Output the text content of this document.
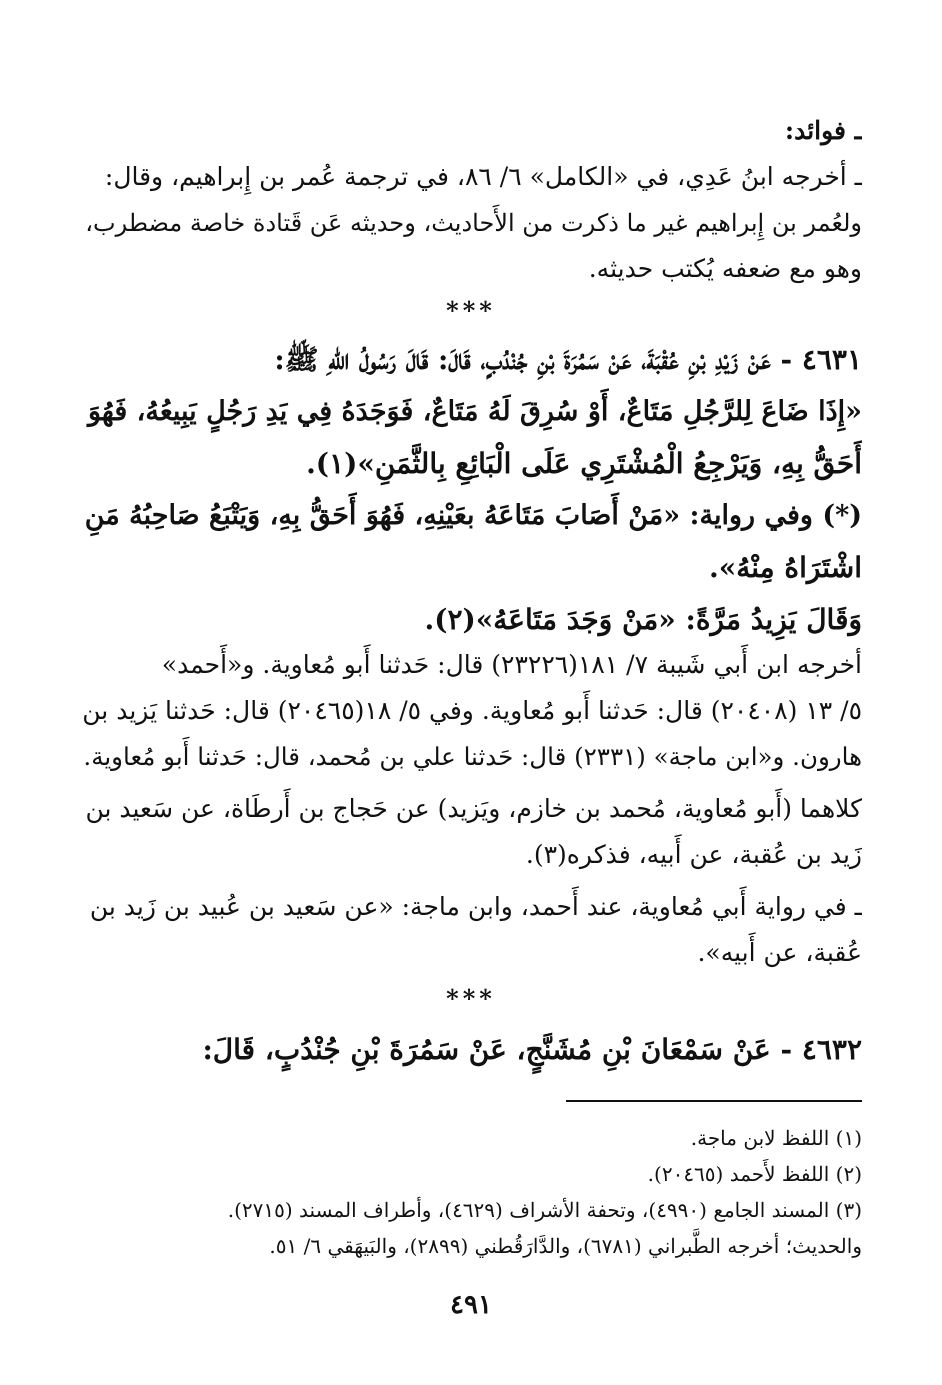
ـ فوائد:
ـ أخرجه ابنُ عَدِي، في «الكامل» ٦/ ٨٦، في ترجمة عُمر بن إِبراهيم، وقال:
ولعُمر بن إِبراهيم غير ما ذكرت من الأَحاديث، وحديثه عَن قَتادة خاصة مضطرب،
وهو مع ضعفه يُكتب حديثه.
***
٤٦٣١ - عَنْ زَيْدِ بْنِ عُقْبَةَ، عَنْ سَمُرَةَ بْنِ جُنْدُبٍ، قَالَ: قَالَ رَسُولُ اللهِ ﷺ:
«إِذَا ضَاعَ لِلرَّجُلِ مَتَاعٌ، أَوْ سُرِقَ لَهُ مَتَاعٌ، فَوَجَدَهُ فِي يَدِ رَجُلٍ يَبِيعُهُ، فَهُوَ
أَحَقُّ بِهِ، وَيَرْجِعُ الْمُشْتَرِي عَلَى الْبَائِعِ بِالثَّمَنِ»(١).
(*) وفي رواية: «مَنْ أَصَابَ مَتَاعَهُ بعَيْنِهِ، فَهُوَ أَحَقُّ بِهِ، وَيَتْبَعُ صَاحِبُهُ مَنِ
اشْتَرَاهُ مِنْهُ».
وَقَالَ يَزِيدُ مَرَّةً: «مَنْ وَجَدَ مَتَاعَهُ»(٢).
أخرجه ابن أَبي شَيبة ٧/ ١٨١(٢٣٢٢٦) قال: حَدثنا أَبو مُعاوية. و«أَحمد»
٥/ ١٣ (٢٠٤٠٨) قال: حَدثنا أَبو مُعاوية. وفي ٥/ ١٨(٢٠٤٦٥) قال: حَدثنا يَزيد بن
هارون. و«ابن ماجة» (٢٣٣١) قال: حَدثنا علي بن مُحمد، قال: حَدثنا أَبو مُعاوية.
كلاهما (أَبو مُعاوية، مُحمد بن خازم، ويَزيد) عن حَجاج بن أَرطَاة، عن سَعيد بن
زَيد بن عُقبة، عن أَبيه، فذكره(٣).
ـ في رواية أَبي مُعاوية، عند أَحمد، وابن ماجة: «عن سَعيد بن عُبيد بن زَيد بن
عُقبة، عن أَبيه».
***
٤٦٣٢ - عَنْ سَمْعَانَ بْنِ مُشَنَّجٍ، عَنْ سَمُرَةَ بْنِ جُنْدُبٍ، قَالَ:
(١) اللفظ لابن ماجة.
(٢) اللفظ لأَحمد (٢٠٤٦٥).
(٣) المسند الجامع (٤٩٩٠)، وتحفة الأشراف (٤٦٢٩)، وأطراف المسند (٢٧١٥).
والحديث؛ أخرجه الطَّبراني (٦٧٨١)، والدَّارَقُطني (٢٨٩٩)، والبَيهَقي ٦/ ٥١.
٤٩١
